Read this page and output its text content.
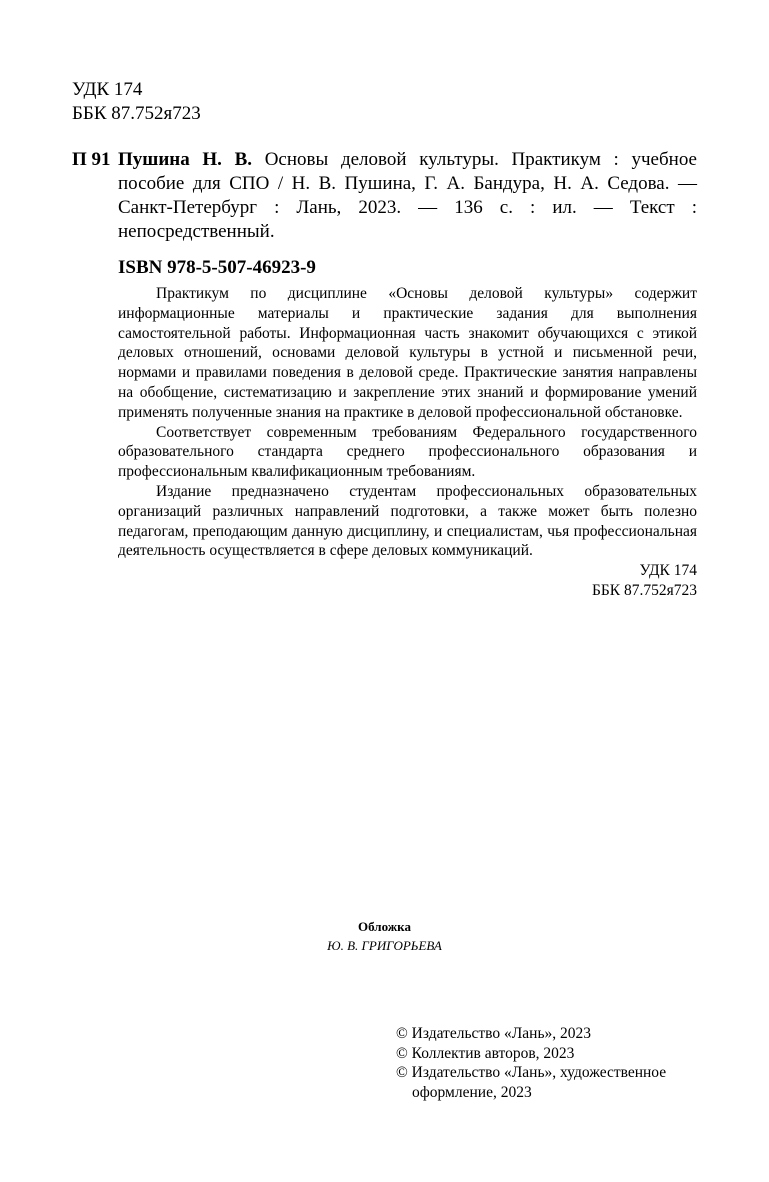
УДК 174
ББК 87.752я723
П 91 Пушина Н. В. Основы деловой культуры. Практикум : учебное пособие для СПО / Н. В. Пушина, Г. А. Бандура, Н. А. Седова. — Санкт-Петербург : Лань, 2023. — 136 с. : ил. — Текст : непосредственный.
ISBN 978-5-507-46923-9

Практикум по дисциплине «Основы деловой культуры» содержит информационные материалы и практические задания для выполнения самостоятельной работы. Информационная часть знакомит обучающихся с этикой деловых отношений, основами деловой культуры в устной и письменной речи, нормами и правилами поведения в деловой среде. Практические занятия направлены на обобщение, систематизацию и закрепление этих знаний и формирование умений применять полученные знания на практике в деловой профессиональной обстановке.

Соответствует современным требованиям Федерального государственного образовательного стандарта среднего профессионального образования и профессиональным квалификационным требованиям.

Издание предназначено студентам профессиональных образовательных организаций различных направлений подготовки, а также может быть полезно педагогам, преподающим данную дисциплину, и специалистам, чья профессиональная деятельность осуществляется в сфере деловых коммуникаций.

УДК 174
ББК 87.752я723
Обложка
Ю. В. ГРИГОРЬЕВА
© Издательство «Лань», 2023
© Коллектив авторов, 2023
© Издательство «Лань», художественное
оформление, 2023
